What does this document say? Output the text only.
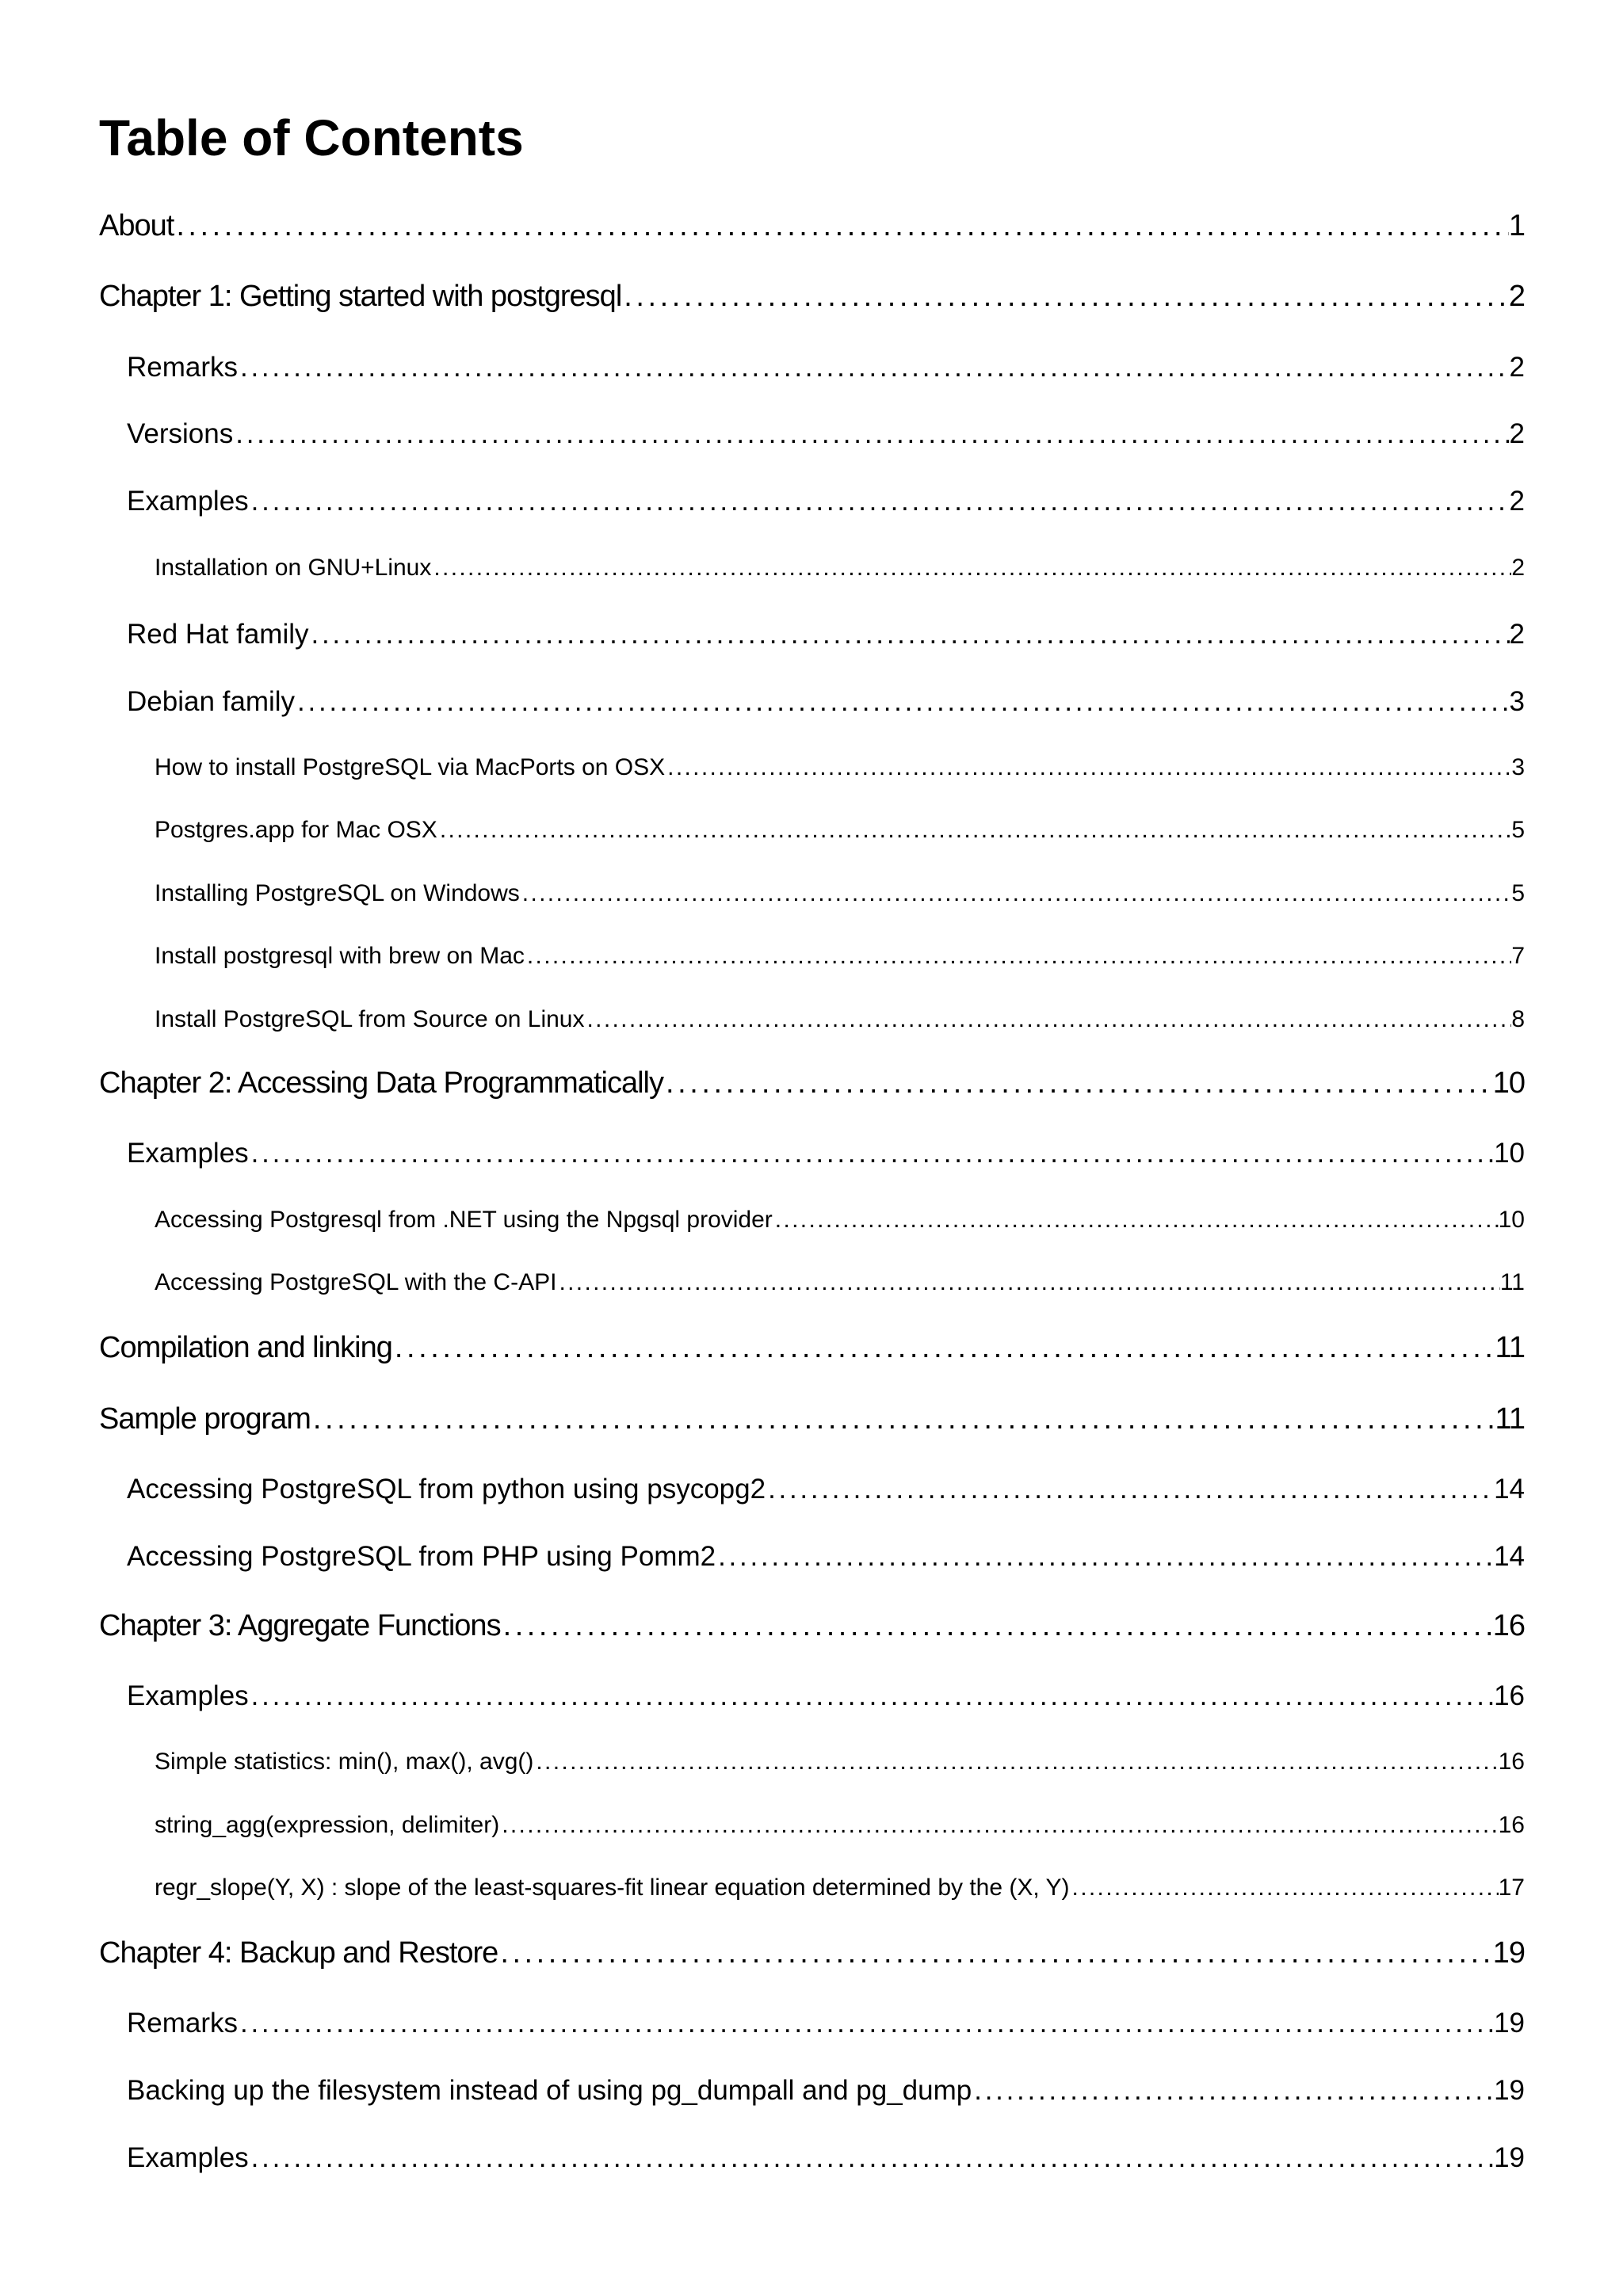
Table of Contents
About . . .	1
Chapter 1: Getting started with postgresql . . .	2
Remarks . . .	2
Versions . . .	2
Examples . . .	2
Installation on GNU+Linux . . .	2
Red Hat family . . .	2
Debian family . . .	3
How to install PostgreSQL via MacPorts on OSX . . .	3
Postgres.app for Mac OSX . . .	5
Installing PostgreSQL on Windows . . .	5
Install postgresql with brew on Mac . . .	7
Install PostgreSQL from Source on Linux . . .	8
Chapter 2: Accessing Data Programmatically . . .	10
Examples . . .	10
Accessing Postgresql from .NET using the Npgsql provider . . .	10
Accessing PostgreSQL with the C-API . . .	11
Compilation and linking . . .	11
Sample program . . .	11
Accessing PostgreSQL from python using psycopg2 . . .	14
Accessing PostgreSQL from PHP using Pomm2 . . .	14
Chapter 3: Aggregate Functions . . .	16
Examples . . .	16
Simple statistics: min(), max(), avg() . . .	16
string_agg(expression, delimiter) . . .	16
regr_slope(Y, X) : slope of the least-squares-fit linear equation determined by the (X, Y) . . .	17
Chapter 4: Backup and Restore . . .	19
Remarks . . .	19
Backing up the filesystem instead of using pg_dumpall and pg_dump . . .	19
Examples . . .	19
